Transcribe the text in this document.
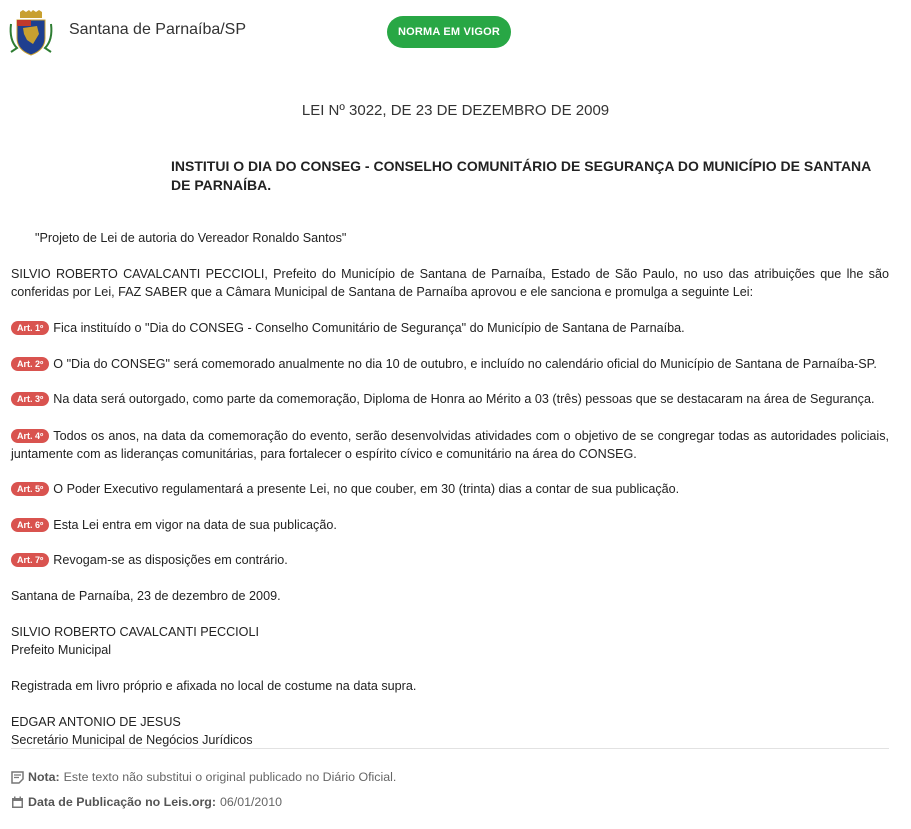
Santana de Parnaíba/SP	NORMA EM VIGOR
LEI Nº 3022, DE 23 DE DEZEMBRO DE 2009
INSTITUI O DIA DO CONSEG - CONSELHO COMUNITÁRIO DE SEGURANÇA DO MUNICÍPIO DE SANTANA DE PARNAÍBA.
"Projeto de Lei de autoria do Vereador Ronaldo Santos"
SILVIO ROBERTO CAVALCANTI PECCIOLI, Prefeito do Município de Santana de Parnaíba, Estado de São Paulo, no uso das atribuições que lhe são conferidas por Lei, FAZ SABER que a Câmara Municipal de Santana de Parnaíba aprovou e ele sanciona e promulga a seguinte Lei:
Art. 1º Fica instituído o "Dia do CONSEG - Conselho Comunitário de Segurança" do Município de Santana de Parnaíba.
Art. 2º O "Dia do CONSEG" será comemorado anualmente no dia 10 de outubro, e incluído no calendário oficial do Município de Santana de Parnaíba-SP.
Art. 3º Na data será outorgado, como parte da comemoração, Diploma de Honra ao Mérito a 03 (três) pessoas que se destacaram na área de Segurança.
Art. 4º Todos os anos, na data da comemoração do evento, serão desenvolvidas atividades com o objetivo de se congregar todas as autoridades policiais, juntamente com as lideranças comunitárias, para fortalecer o espírito cívico e comunitário na área do CONSEG.
Art. 5º O Poder Executivo regulamentará a presente Lei, no que couber, em 30 (trinta) dias a contar de sua publicação.
Art. 6º Esta Lei entra em vigor na data de sua publicação.
Art. 7º Revogam-se as disposições em contrário.
Santana de Parnaíba, 23 de dezembro de 2009.
SILVIO ROBERTO CAVALCANTI PECCIOLI
Prefeito Municipal
Registrada em livro próprio e afixada no local de costume na data supra.
EDGAR ANTONIO DE JESUS
Secretário Municipal de Negócios Jurídicos
Nota: Este texto não substitui o original publicado no Diário Oficial.
Data de Publicação no Leis.org: 06/01/2010
